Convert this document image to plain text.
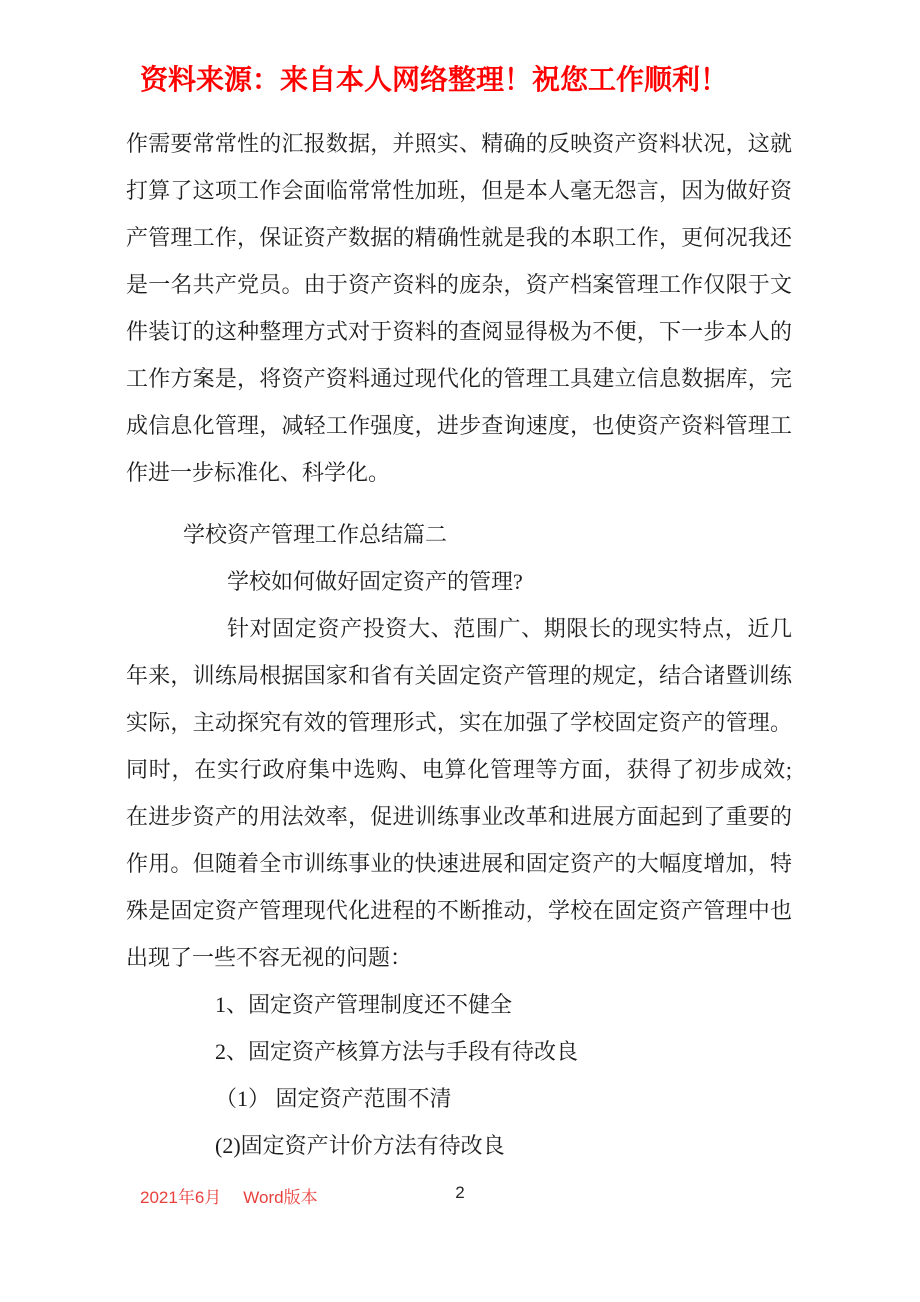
资料来源：来自本人网络整理！祝您工作顺利！

作需要常常性的汇报数据，并照实、精确的反映资产资料状况，这就打算了这项工作会面临常常性加班，但是本人毫无怨言，因为做好资产管理工作，保证资产数据的精确性就是我的本职工作，更何况我还是一名共产党员。由于资产资料的庞杂，资产档案管理工作仅限于文件装订的这种整理方式对于资料的查阅显得极为不便，下一步本人的工作方案是，将资产资料通过现代化的管理工具建立信息数据库，完成信息化管理，减轻工作强度，进步查询速度，也使资产资料管理工作进一步标准化、科学化。

学校资产管理工作总结篇二

学校如何做好固定资产的管理?

针对固定资产投资大、范围广、期限长的现实特点，近几年来，训练局根据国家和省有关固定资产管理的规定，结合诸暨训练实际，主动探究有效的管理形式，实在加强了学校固定资产的管理。同时，在实行政府集中选购、电算化管理等方面，获得了初步成效;在进步资产的用法效率，促进训练事业改革和进展方面起到了重要的作用。但随着全市训练事业的快速进展和固定资产的大幅度增加，特殊是固定资产管理现代化进程的不断推动，学校在固定资产管理中也出现了一些不容无视的问题：

1、固定资产管理制度还不健全

2、固定资产核算方法与手段有待改良

（1） 固定资产范围不清

(2)固定资产计价方法有待改良

2
2021年6月 Word版本
